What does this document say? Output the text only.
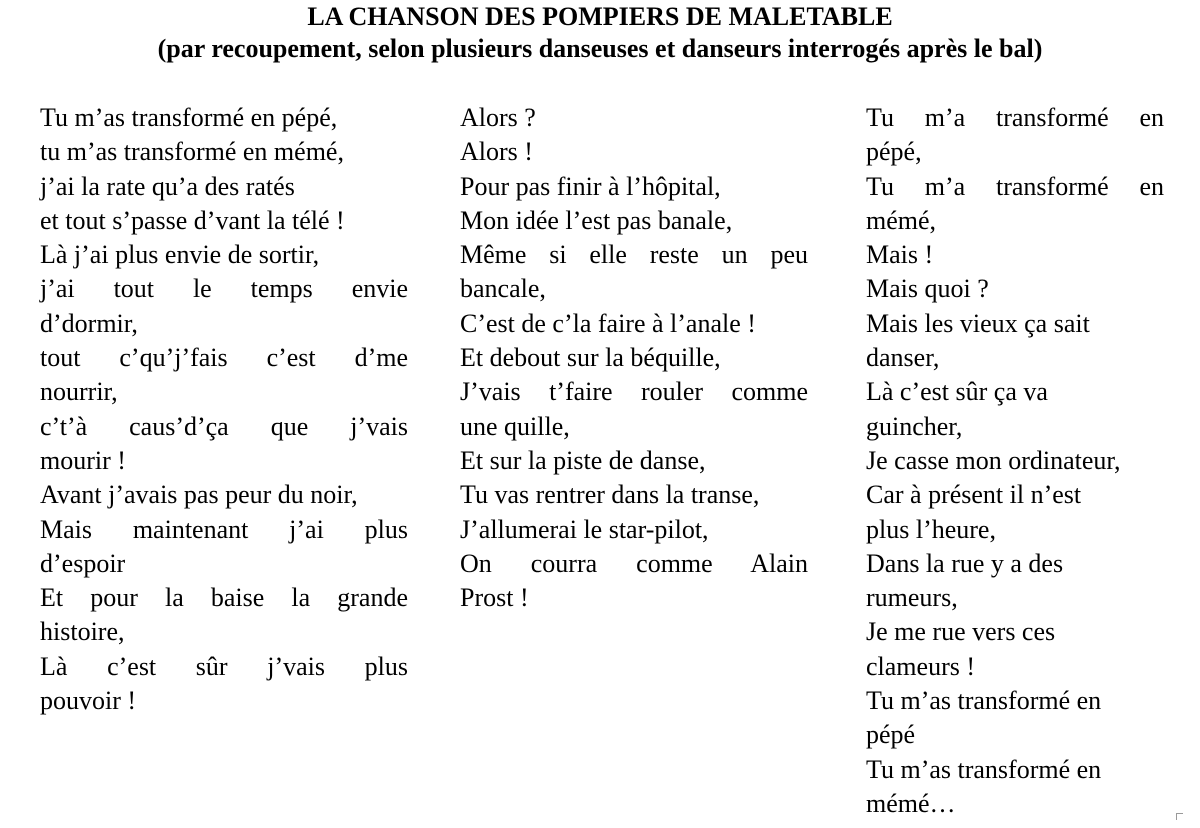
LA CHANSON DES POMPIERS DE MALETABLE

(par recoupement, selon plusieurs danseuses et danseurs interrogés après le bal)

Tu m’as transformé en pépé,
tu m’as transformé en mémé,
j’ai la rate qu’a des ratés
et tout s’passe d’vant la télé !
Là j’ai plus envie de sortir,
j’ai tout le temps envie
d’dormir,
tout c’qu’j’fais c’est d’me
nourrir,
c’t’à caus’d’ça que j’vais
mourir !
Avant j’avais pas peur du noir,
Mais maintenant j’ai plus
d’espoir
Et pour la baise la grande
histoire,
Là c’est sûr j’vais plus
pouvoir !
Alors ?
Alors !
Pour pas finir à l’hôpital,
Mon idée l’est pas banale,
Même si elle reste un peu
bancale,
C’est de c’la faire à l’anale !
Et debout sur la béquille,
J’vais t’faire rouler comme
une quille,
Et sur la piste de danse,
Tu vas rentrer dans la transe,
J’allumerai le star-pilot,
On courra comme Alain
Prost !
Tu m’a transformé en
pépé,
Tu m’a transformé en
mémé,
Mais !
Mais quoi ?
Mais les vieux ça sait
danser,
Là c’est sûr ça va
guincher,
Je casse mon ordinateur,
Car à présent il n’est
plus l’heure,
Dans la rue y a des
rumeurs,
Je me rue vers ces
clameurs !
Tu m’as transformé en
pépé
Tu m’as transformé en
mémé…
